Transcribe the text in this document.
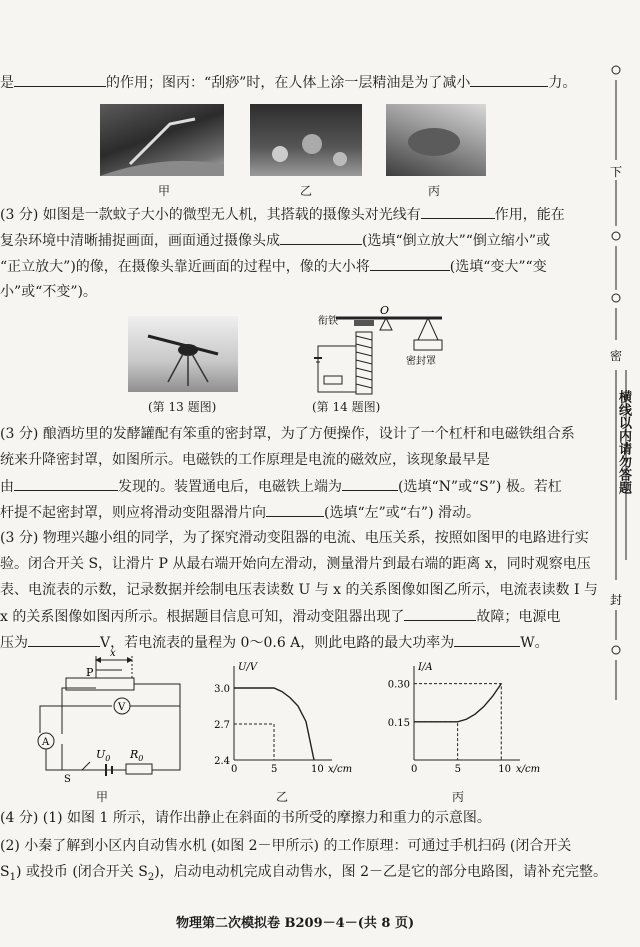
是	的作用；图丙：“刮痧”时，在人体上涂一层精油是为了减小	力。
甲	乙	丙
(3 分) 如图是一款蚊子大小的微型无人机，其搭载的摄像头对光线有	作用，能在
复杂环境中清晰捕捉画面，画面通过摄像头成	(选填“倒立放大”“倒立缩小”或
“正立放大”)的像，在摄像头靠近画面的过程中，像的大小将	(选填“变大”“变
小”或“不变”)。
(第 13 题图)
衔铁
O
密封罩
(第 14 题图)
(3 分) 酿酒坊里的发酵罐配有笨重的密封罩，为了方便操作，设计了一个杠杆和电磁铁组合系
统来升降密封罩，如图所示。电磁铁的工作原理是电流的磁效应，该现象最早是
由	发现的。装置通电后，电磁铁上端为	(选填“N”或“S”) 极。若杠
杆提不起密封罩，则应将滑动变阻器滑片向	(选填“左”或“右”) 滑动。
(3 分) 物理兴趣小组的同学，为了探究滑动变阻器的电流、电压关系，按照如图甲的电路进行实
验。闭合开关 S，让滑片 P 从最右端开始向左滑动，测量滑片到最右端的距离 x，同时观察电压
表、电流表的示数，记录数据并绘制电压表读数 U 与 x 的关系图像如图乙所示，电流表读数 I 与
x 的关系图像如图丙所示。根据题目信息可知，滑动变阻器出现了	故障；电源电
压为	V，若电流表的量程为 0～0.6 A，则此电路的最大功率为	W。
x
P
V
A
$U_0$ $R_0$
S
甲
U/V
x/cm
0	5	10
2.4
2.7
3.0
乙
I/A
x/cm
0	5	10
0.15
0.30
丙
(4 分) (1) 如图 1 所示，请作出静止在斜面的书所受的摩擦力和重力的示意图。
(2) 小秦了解到小区内自动售水机 (如图 2－甲所示) 的工作原理：可通过手机扫码 (闭合开关
$S_1$) 或投币 (闭合开关 $S_2$)，启动电动机完成自动售水，图 2－乙是它的部分电路图，请补充完整。
物理第二次模拟卷 B209－4－(共 8 页)
下
密
封
横线以内请勿答题
